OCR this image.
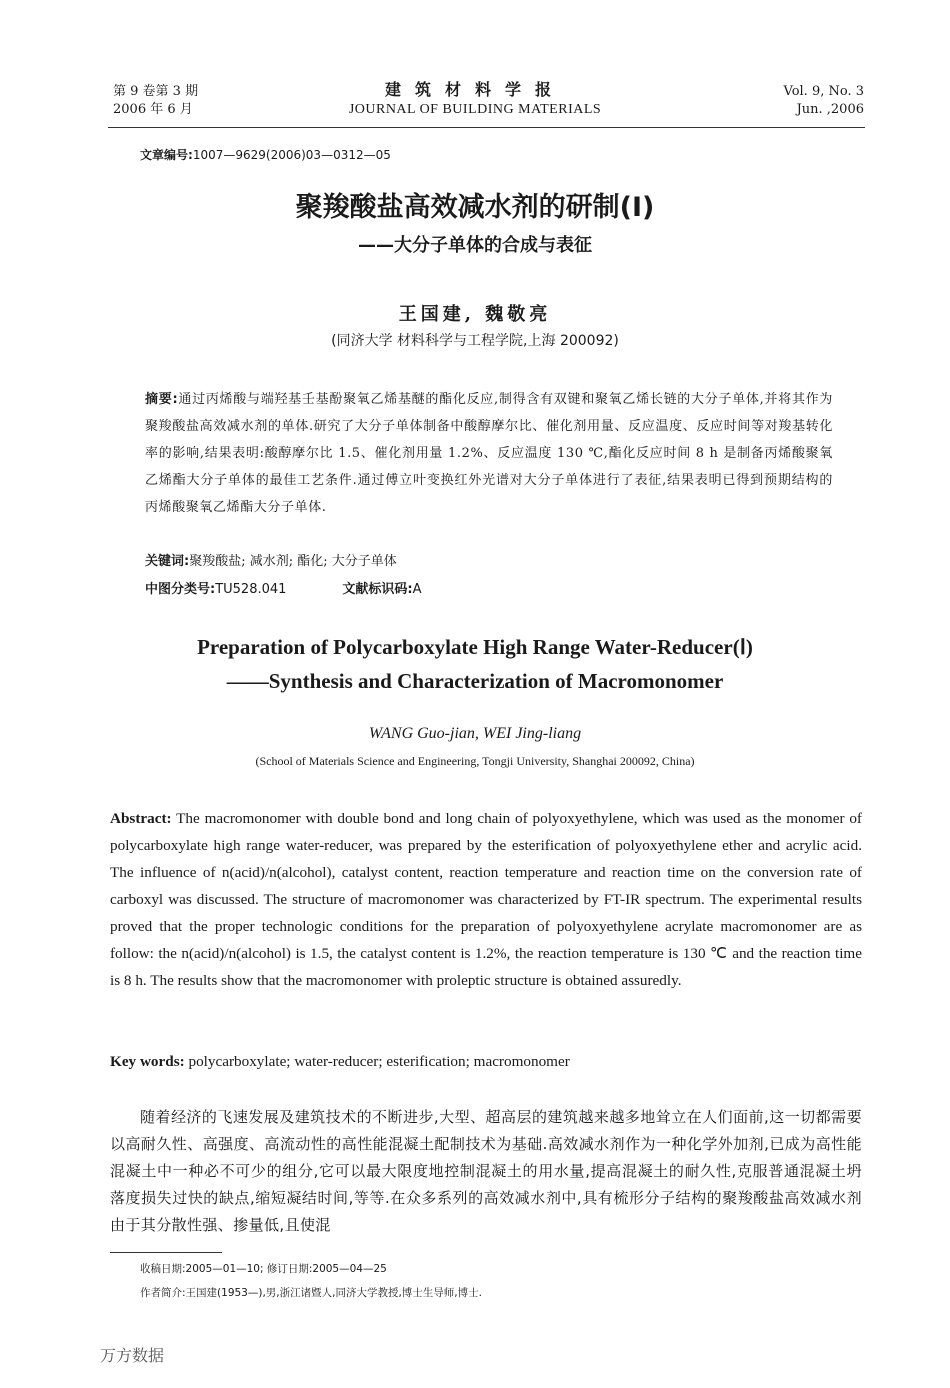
第 9 卷第 3 期
2006 年 6 月
建筑材料学报
JOURNAL OF BUILDING MATERIALS
Vol. 9, No. 3
Jun. ,2006
文章编号:1007—9629(2006)03—0312—05
聚羧酸盐高效减水剂的研制(I)
——大分子单体的合成与表征
王国建, 魏敬亮
(同济大学 材料科学与工程学院,上海 200092)
摘要:通过丙烯酸与端羟基壬基酚聚氧乙烯基醚的酯化反应,制得含有双键和聚氧乙烯长链的大分子单体,并将其作为聚羧酸盐高效减水剂的单体.研究了大分子单体制备中酸醇摩尔比、催化剂用量、反应温度、反应时间等对羧基转化率的影响,结果表明:酸醇摩尔比 1.5、催化剂用量 1.2%、反应温度 130 ℃,酯化反应时间 8 h 是制备丙烯酸聚氧乙烯酯大分子单体的最佳工艺条件.通过傅立叶变换红外光谱对大分子单体进行了表征,结果表明已得到预期结构的丙烯酸聚氧乙烯酯大分子单体.
关键词:聚羧酸盐; 减水剂; 酯化; 大分子单体
中图分类号:TU528.041	文献标识码:A
Preparation of Polycarboxylate High Range Water-Reducer(Ⅰ)
——Synthesis and Characterization of Macromonomer
WANG Guo-jian, WEI Jing-liang
(School of Materials Science and Engineering, Tongji University, Shanghai 200092, China)
Abstract: The macromonomer with double bond and long chain of polyoxyethylene, which was used as the monomer of polycarboxylate high range water-reducer, was prepared by the esterification of polyoxyethylene ether and acrylic acid. The influence of n(acid)/n(alcohol), catalyst content, reaction temperature and reaction time on the conversion rate of carboxyl was discussed. The structure of macromonomer was characterized by FT-IR spectrum. The experimental results proved that the proper technologic conditions for the preparation of polyoxyethylene acrylate macromonomer are as follow: the n(acid)/n(alcohol) is 1.5, the catalyst content is 1.2%, the reaction temperature is 130 ℃ and the reaction time is 8 h. The results show that the macromonomer with proleptic structure is obtained assuredly.
Key words: polycarboxylate; water-reducer; esterification; macromonomer
随着经济的飞速发展及建筑技术的不断进步,大型、超高层的建筑越来越多地耸立在人们面前,这一切都需要以高耐久性、高强度、高流动性的高性能混凝土配制技术为基础.高效减水剂作为一种化学外加剂,已成为高性能混凝土中一种必不可少的组分,它可以最大限度地控制混凝土的用水量,提高混凝土的耐久性,克服普通混凝土坍落度损失过快的缺点,缩短凝结时间,等等.在众多系列的高效减水剂中,具有梳形分子结构的聚羧酸盐高效减水剂由于其分散性强、掺量低,且使混
收稿日期:2005—01—10; 修订日期:2005—04—25
作者简介:王国建(1953—),男,浙江诸暨人,同济大学教授,博士生导师,博士.
万方数据
